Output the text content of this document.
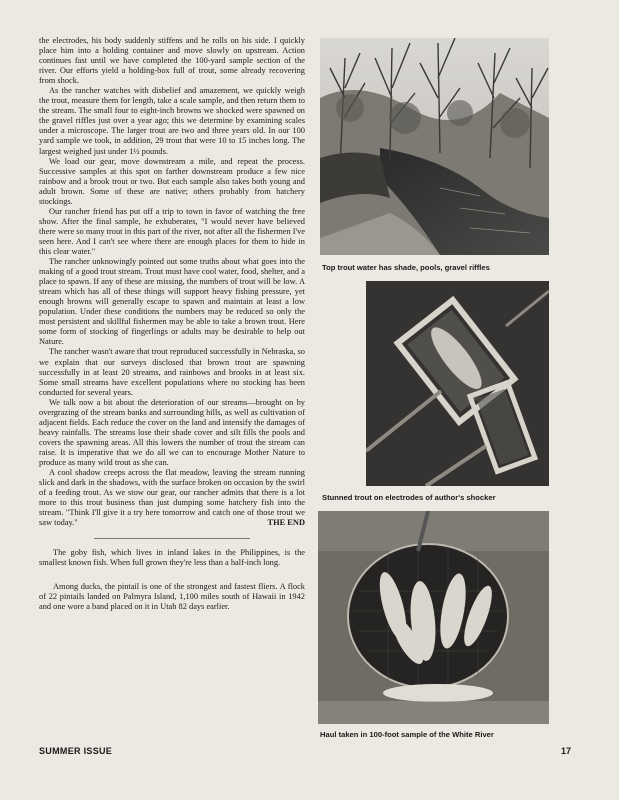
the electrodes, his body suddenly stiffens and he rolls on his side. I quickly place him into a holding container and move slowly on upstream. Action continues fast until we have completed the 100-yard sample section of the river. Our efforts yield a holding-box full of trout, some already recovering from shock.

As the rancher watches with disbelief and amazement, we quickly weigh the trout, measure them for length, take a scale sample, and then return them to the stream. The small four to eight-inch browns we shocked were spawned on the gravel riffles just over a year ago; this we determine by examining scales under a microscope. The larger trout are two and three years old. In our 100 yard sample we took, in addition, 29 trout that were 10 to 15 inches long. The largest weighed just under 1½ pounds.

We load our gear, move downstream a mile, and repeat the process. Successive samples at this spot on farther downstream produce a few nice rainbow and a brook trout or two. But each sample also takes both young and adult brown. Some of these are native; others probably from hatchery stockings.

Our rancher friend has put off a trip to town in favor of watching the free show. After the final sample, he exhuberates, "I would never have believed there were so many trout in this part of the river, not after all the fishermen I've seen here. And I can't see where there are enough places for them to hide in this clear water."

The rancher unknowingly pointed out some truths about what goes into the making of a good trout stream. Trout must have cool water, food, shelter, and a place to spawn. If any of these are missing, the numbers of trout will be low. A stream which has all of these things will support heavy fishing pressure, yet enough browns will generally escape to spawn and maintain at least a low population. Under these conditions the numbers may be reduced so only the most persistent and skillful fishermen may be able to take a brown trout. Here some form of stocking of fingerlings or adults may be desirable to help out Nature.

The rancher wasn't aware that trout reproduced successfully in Nebraska, so we explain that our surveys disclosed that brown trout are spawning successfully in at least 20 streams, and rainbows and brooks in at least six. Some small streams have excellent populations where no stocking has been conducted for several years.

We talk now a bit about the deterioration of our streams—brought on by overgrazing of the stream banks and surrounding hills, as well as cultivation of adjacent fields. Each reduce the cover on the land and intensify the damages of heavy rainfalls. The streams lose their shade cover and silt fills the pools and covers the spawning areas. All this lowers the number of trout the stream can raise. It is imperative that we do all we can to encourage Mother Nature to produce as many wild trout as she can.

A cool shadow creeps across the flat meadow, leaving the stream running slick and dark in the shadows, with the surface broken on occasion by the swirl of a feeding trout. As we stow our gear, our rancher admits that there is a lot more to this trout business than just dumping some hatchery fish into the stream. "Think I'll give it a try here tomorrow and catch one of those trout we saw today."	THE END

The goby fish, which lives in inland lakes in the Philippines, is the smallest known fish. When full grown they're less than a half-inch long.

Among ducks, the pintail is one of the strongest and fastest fliers. A flock of 22 pintails landed on Palmyra Island, 1,100 miles south of Hawaii in 1942 and one wore a band placed on it in Utah 82 days earlier.

Top trout water has shade, pools, gravel riffles
Stunned trout on electrodes of author's shocker
Haul taken in 100-foot sample of the White River
SUMMER ISSUE	17
